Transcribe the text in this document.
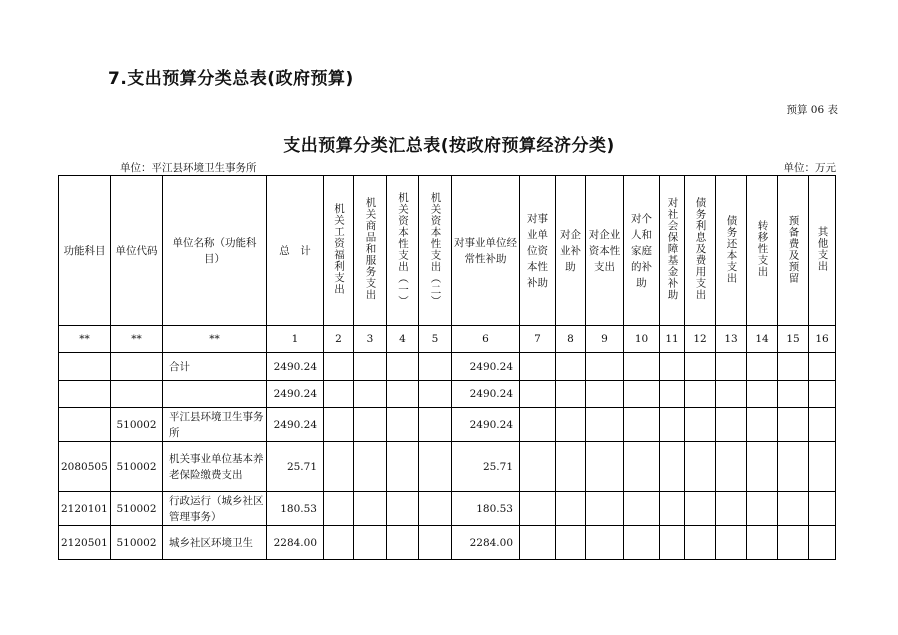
7.支出预算分类总表(政府预算)
预算 06 表
支出预算分类汇总表(按政府预算经济分类)
单位：平江县环境卫生事务所	单位：万元
功能科目	单位代码	单位名称（功能科目）	总　计	机关工资福利支出	机关商品和服务支出	机关资本性支出（一）	机关资本性支出（二）	对事业单位经常性补助	对事业单位资本性补助	对企业补助	对企业资本性支出	对个人和家庭的补助	对社会保障基金补助	债务利息及费用支出	债务还本支出	转移性支出	预备费及预留	其他支出
**	**	**	1	2	3	4	5	6	7	8	9	10	11	12	13	14	15	16
		合计	2490.24					2490.24										
			2490.24					2490.24										
	510002	平江县环境卫生事务所	2490.24					2490.24										
2080505	510002	机关事业单位基本养老保险缴费支出	25.71					25.71										
2120101	510002	行政运行（城乡社区管理事务）	180.53					180.53										
2120501	510002	城乡社区环境卫生	2284.00					2284.00										
